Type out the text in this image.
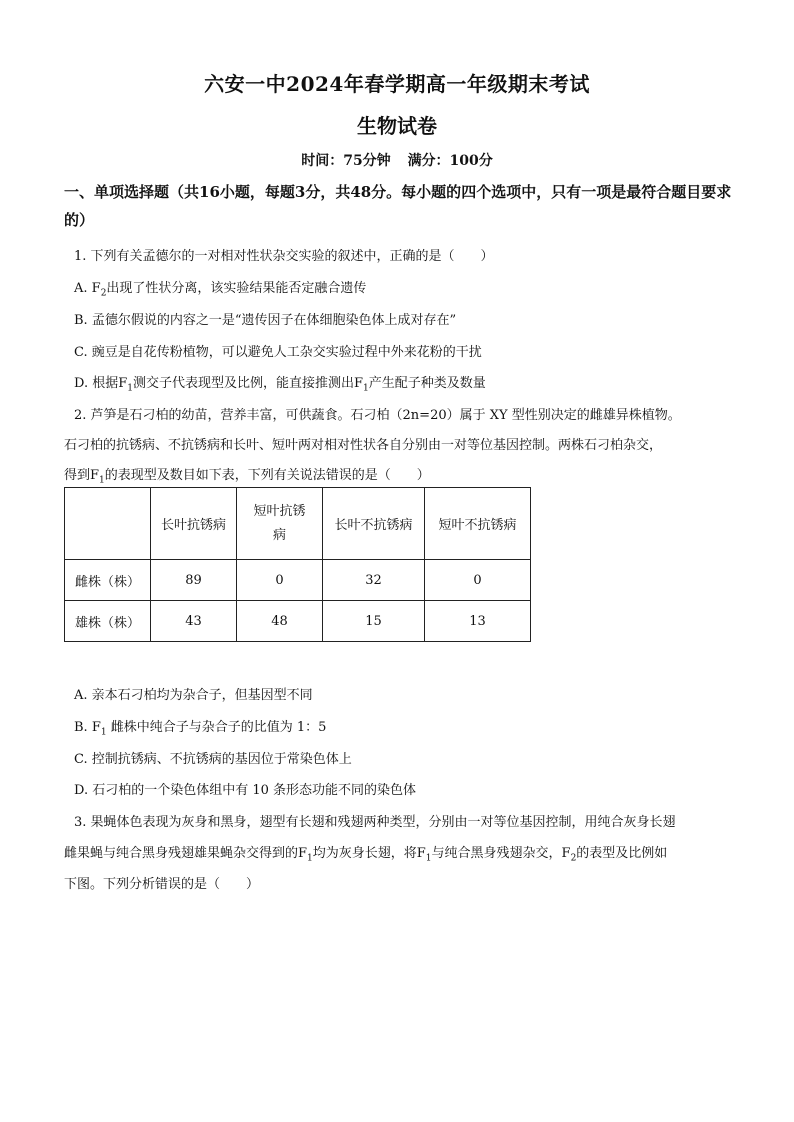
六安一中2024年春学期高一年级期末考试
生物试卷
时间：75分钟 满分：100分
一、单项选择题（共16小题，每题3分，共48分。每小题的四个选项中，只有一项是最符合题目要求的）
1. 下列有关孟德尔的一对相对性状杂交实验的叙述中，正确的是（　　）
A. $F_2$出现了性状分离，该实验结果能否定融合遗传
B. 孟德尔假说的内容之一是“遗传因子在体细胞染色体上成对存在”
C. 豌豆是自花传粉植物，可以避免人工杂交实验过程中外来花粉的干扰
D. 根据$F_1$测交子代表现型及比例，能直接推测出$F_1$产生配子种类及数量
2. 芦笋是石刁柏的幼苗，营养丰富，可供蔬食。石刁柏（2n=20）属于 XY 型性别决定的雌雄异株植物。
石刁柏的抗锈病、不抗锈病和长叶、短叶两对相对性状各自分别由一对等位基因控制。两株石刁柏杂交，
得到$F_1$的表现型及数目如下表，下列有关说法错误的是（　　）
	长叶抗锈病	短叶抗锈病	长叶不抗锈病	短叶不抗锈病
雌株（株）	89	0	32	0
雄株（株）	43	48	15	13
A. 亲本石刁柏均为杂合子，但基因型不同
B. $F_1$ 雌株中纯合子与杂合子的比值为 1：5
C. 控制抗锈病、不抗锈病的基因位于常染色体上
D. 石刁柏的一个染色体组中有 10 条形态功能不同的染色体
3. 果蝇体色表现为灰身和黑身，翅型有长翅和残翅两种类型，分别由一对等位基因控制，用纯合灰身长翅
雌果蝇与纯合黑身残翅雄果蝇杂交得到的$F_1$均为灰身长翅，将$F_1$与纯合黑身残翅杂交，$F_2$的表型及比例如
下图。下列分析错误的是（　　）
